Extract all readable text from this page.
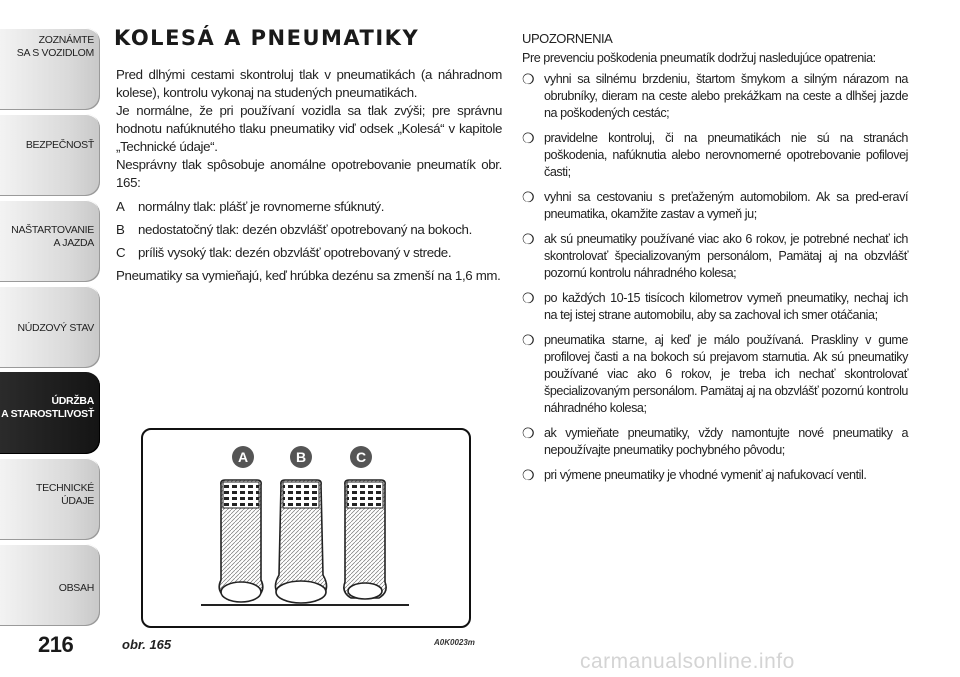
ZOZNÁMTE
SA S VOZIDLOM
BEZPEČNOSŤ
NAŠTARTOVANIE
A JAZDA
NÚDZOVÝ STAV
ÚDRŽBA
A STAROSTLIVOSŤ
TECHNICKÉ
ÚDAJE
OBSAH
216
KOLESÁ A PNEUMATIKY

Pred dlhými cestami skontroluj tlak v pneumatikách (a náhradnom kolese), kontrolu vykonaj na studených pneumatikách.

Je normálne, že pri používaní vozidla sa tlak zvýši; pre správnu hodnotu nafúknutého tlaku pneumatiky viď odsek „Kolesá“ v kapitole „Technické údaje“.

Nesprávny tlak spôsobuje anomálne opotrebovanie pneumatík obr. 165:

A	normálny tlak: plášť je rovnomerne sfúknutý.
B	nedostatočný tlak: dezén obzvlášť opotrebovaný na bokoch.
C príliš vysoký tlak: dezén obzvlášť opotrebovaný v strede.

Pneumatiky sa vymieňajú, keď hrúbka dezénu sa zmenší na 1,6 mm.

A	B	C
obr. 165	A0K0023m
UPOZORNENIA
Pre prevenciu poškodenia pneumatík dodržuj nasledujúce opatrenia:
❍ vyhni sa silnému brzdeniu, štartom šmykom a silným nárazom na obrubníky, dieram na ceste alebo prekážkam na ceste a dlhšej jazde na poškodených cestác;
❍ pravidelne kontroluj, či na pneumatikách nie sú na stranách poškodenia, nafúknutia alebo nerovnomerné opotrebovanie pofilovej časti;
❍ vyhni sa cestovaniu s preťaženým automobilom. Ak sa pred-eraví pneumatika, okamžite zastav a vymeň ju;
❍ ak sú pneumatiky používané viac ako 6 rokov, je potrebné nechať ich skontrolovať špecializovaným personálom, Pamätaj aj na obzvlášť pozornú kontrolu náhradného kolesa;
❍ po každých 10-15 tisícoch kilometrov vymeň pneumatiky, nechaj ich na tej istej strane automobilu, aby sa zachoval ich smer otáčania;
❍ pneumatika starne, aj keď je málo používaná. Praskliny v gume profilovej časti a na bokoch sú prejavom starnutia. Ak sú pneumatiky používané viac ako 6 rokov, je treba ich nechať skontrolovať špecializovaným personálom. Pamätaj aj na obzvlášť pozornú kontrolu náhradného kolesa;
❍ ak vymieňate pneumatiky, vždy namontujte nové pneumatiky a nepoužívajte pneumatiky pochybného pôvodu;
❍ pri výmene pneumatiky je vhodné vymeniť aj nafukovací ventil.
carmanualsonline.info
